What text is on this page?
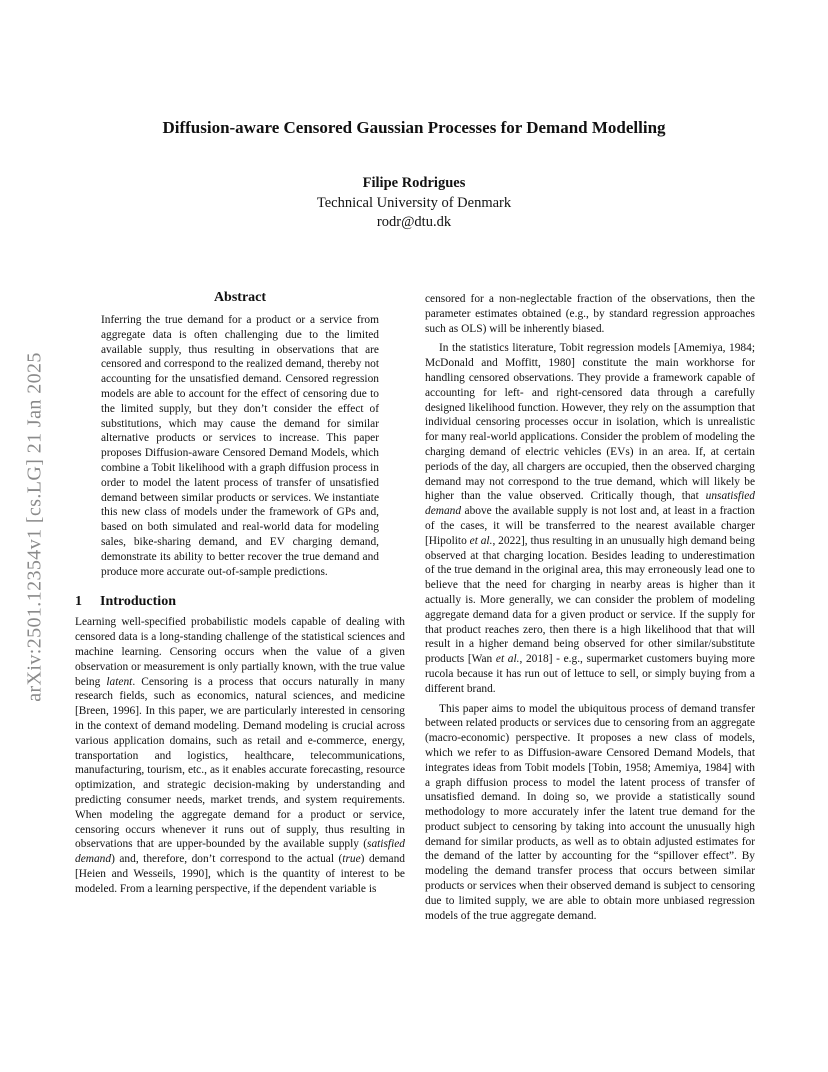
Diffusion-aware Censored Gaussian Processes for Demand Modelling
Filipe Rodrigues
Technical University of Denmark
rodr@dtu.dk
arXiv:2501.12354v1 [cs.LG] 21 Jan 2025
Abstract
Inferring the true demand for a product or a service from aggregate data is often challenging due to the limited available supply, thus resulting in observations that are censored and correspond to the realized demand, thereby not accounting for the unsatisfied demand. Censored regression models are able to account for the effect of censoring due to the limited supply, but they don’t consider the effect of substitutions, which may cause the demand for similar alternative products or services to increase. This paper proposes Diffusion-aware Censored Demand Models, which combine a Tobit likelihood with a graph diffusion process in order to model the latent process of transfer of unsatisfied demand between similar products or services. We instantiate this new class of models under the framework of GPs and, based on both simulated and real-world data for modeling sales, bike-sharing demand, and EV charging demand, demonstrate its ability to better recover the true demand and produce more accurate out-of-sample predictions.
1 Introduction

Learning well-specified probabilistic models capable of dealing with censored data is a long-standing challenge of the statistical sciences and machine learning. Censoring occurs when the value of a given observation or measurement is only partially known, with the true value being latent. Censoring is a process that occurs naturally in many research fields, such as economics, natural sciences, and medicine [Breen, 1996]. In this paper, we are particularly interested in censoring in the context of demand modeling. Demand modeling is crucial across various application domains, such as retail and e-commerce, energy, transportation and logistics, healthcare, telecommunications, manufacturing, tourism, etc., as it enables accurate forecasting, resource optimization, and strategic decision-making by understanding and predicting consumer needs, market trends, and system requirements. When modeling the aggregate demand for a product or service, censoring occurs whenever it runs out of supply, thus resulting in observations that are upper-bounded by the available supply (satisfied demand) and, therefore, don’t correspond to the actual (true) demand [Heien and Wesseils, 1990], which is the quantity of interest to be modeled. From a learning perspective, if the dependent variable is

censored for a non-neglectable fraction of the observations, then the parameter estimates obtained (e.g., by standard regression approaches such as OLS) will be inherently biased.

In the statistics literature, Tobit regression models [Amemiya, 1984; McDonald and Moffitt, 1980] constitute the main workhorse for handling censored observations. They provide a framework capable of accounting for left- and right-censored data through a carefully designed likelihood function. However, they rely on the assumption that individual censoring processes occur in isolation, which is unrealistic for many real-world applications. Consider the problem of modeling the charging demand of electric vehicles (EVs) in an area. If, at certain periods of the day, all chargers are occupied, then the observed charging demand may not correspond to the true demand, which will likely be higher than the value observed. Critically though, that unsatisfied demand above the available supply is not lost and, at least in a fraction of the cases, it will be transferred to the nearest available charger [Hipolito et al., 2022], thus resulting in an unusually high demand being observed at that charging location. Besides leading to underestimation of the true demand in the original area, this may erroneously lead one to believe that the need for charging in nearby areas is higher than it actually is. More generally, we can consider the problem of modeling aggregate demand data for a given product or service. If the supply for that product reaches zero, then there is a high likelihood that that will result in a higher demand being observed for other similar/substitute products [Wan et al., 2018] - e.g., supermarket customers buying more rucola because it has run out of lettuce to sell, or simply buying from a different brand.

This paper aims to model the ubiquitous process of demand transfer between related products or services due to censoring from an aggregate (macro-economic) perspective. It proposes a new class of models, which we refer to as Diffusion-aware Censored Demand Models, that integrates ideas from Tobit models [Tobin, 1958; Amemiya, 1984] with a graph diffusion process to model the latent process of transfer of unsatisfied demand. In doing so, we provide a statistically sound methodology to more accurately infer the latent true demand for the product subject to censoring by taking into account the unusually high demand for similar products, as well as to obtain adjusted estimates for the demand of the latter by accounting for the “spillover effect”. By modeling the demand transfer process that occurs between similar products or services when their observed demand is subject to censoring due to limited supply, we are able to obtain more unbiased regression models of the true aggregate demand.
